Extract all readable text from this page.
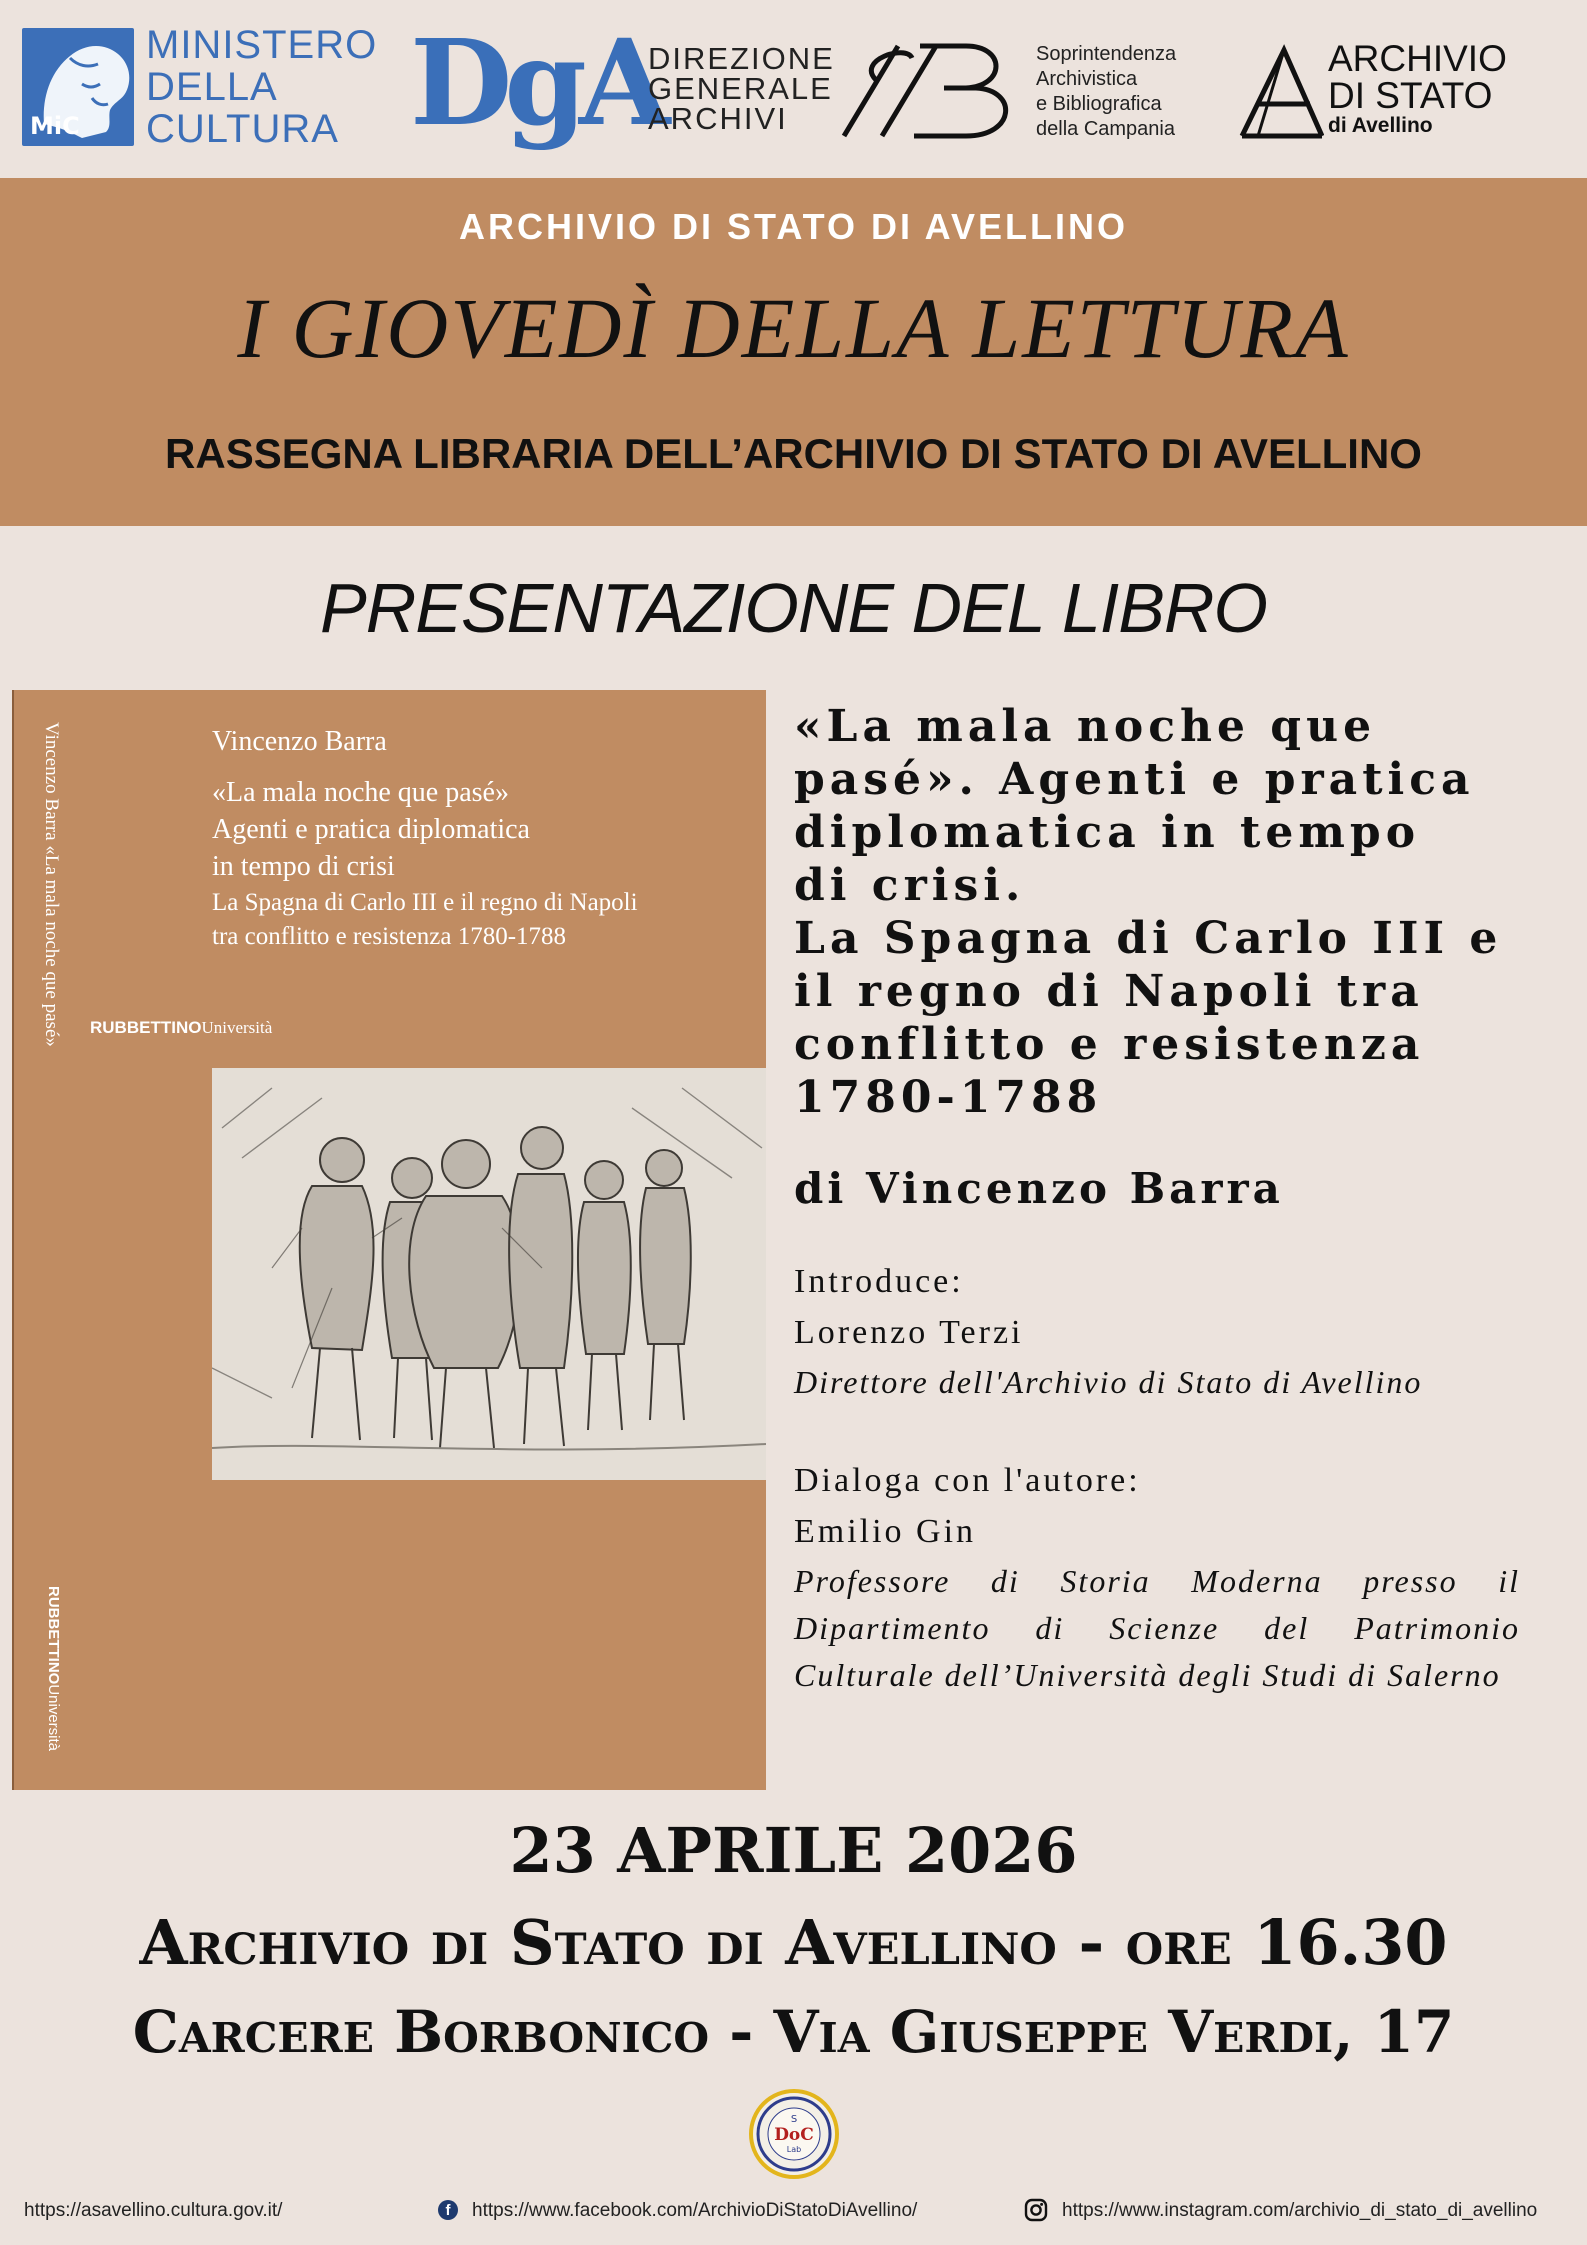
MiC
MINISTERO
DELLA
CULTURA DgA
DIREZIONE
GENERALE
ARCHIVI
Soprintendenza
Archivistica
e Bibliografica
della Campania
ARCHIVIO
DI STATO
di Avellino
ARCHIVIO DI STATO DI AVELLINO
I GIOVEDÌ DELLA LETTURA
RASSEGNA LIBRARIA DELL’ARCHIVIO DI STATO DI AVELLINO
PRESENTAZIONE DEL LIBRO
Vincenzo Barra «La mala noche que pasé»
RUBBETTINOUniversità
Vincenzo Barra
«La mala noche que pasé»
Agenti e pratica diplomatica
in tempo di crisi
La Spagna di Carlo III e il regno di Napoli
tra conflitto e resistenza 1780-1788
RUBBETTINOUniversità
«La mala noche que
pasé». Agenti e pratica
diplomatica in tempo
di crisi.
La Spagna di Carlo III e
il regno di Napoli tra
conflitto e resistenza
1780-1788
di Vincenzo Barra
Introduce:
Lorenzo Terzi
Direttore dell'Archivio di Stato di Avellino
Dialoga con l'autore:
Emilio Gin
Professore di Storia Moderna presso il Dipartimento di Scienze del Patrimonio Culturale dell’Università degli Studi di Salerno
23 APRILE 2026
Archivio di Stato di Avellino - ore 16.30
Carcere Borbonico - Via Giuseppe Verdi, 17
S
DoC
Lab
https://asavellino.cultura.gov.it/	f	https://www.facebook.com/ArchivioDiStatoDiAvellino/	https://www.instagram.com/archivio_di_stato_di_avellino
